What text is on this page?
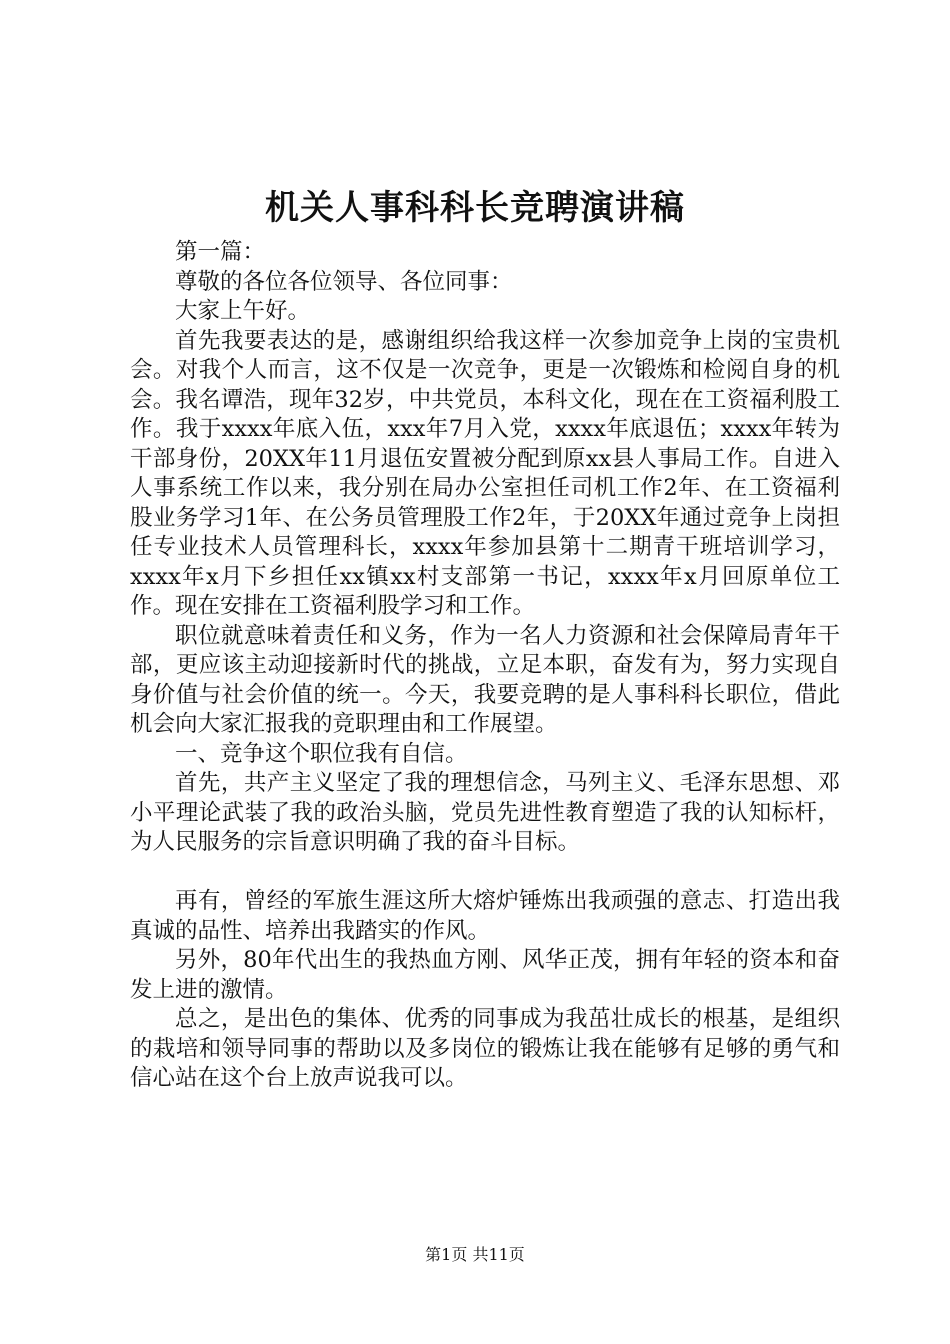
机关人事科科长竞聘演讲稿

第一篇：

尊敬的各位各位领导、各位同事：

大家上午好。

首先我要表达的是，感谢组织给我这样一次参加竞争上岗的宝贵机会。对我个人而言，这不仅是一次竞争，更是一次锻炼和检阅自身的机会。我名谭浩，现年32岁，中共党员，本科文化，现在在工资福利股工作。我于xxxx年底入伍，xxx年7月入党，xxxx年底退伍；xxxx年转为干部身份，20XX年11月退伍安置被分配到原xx县人事局工作。自进入人事系统工作以来，我分别在局办公室担任司机工作2年、在工资福利股业务学习1年、在公务员管理股工作2年，于20XX年通过竞争上岗担任专业技术人员管理科长，xxxx年参加县第十二期青干班培训学习，xxxx年x月下乡担任xx镇xx村支部第一书记，xxxx年x月回原单位工作。现在安排在工资福利股学习和工作。

职位就意味着责任和义务，作为一名人力资源和社会保障局青年干部，更应该主动迎接新时代的挑战，立足本职，奋发有为，努力实现自身价值与社会价值的统一。今天，我要竞聘的是人事科科长职位，借此机会向大家汇报我的竞职理由和工作展望。

一、竞争这个职位我有自信。

首先，共产主义坚定了我的理想信念，马列主义、毛泽东思想、邓小平理论武装了我的政治头脑，党员先进性教育塑造了我的认知标杆，为人民服务的宗旨意识明确了我的奋斗目标。

再有，曾经的军旅生涯这所大熔炉锤炼出我顽强的意志、打造出我真诚的品性、培养出我踏实的作风。

另外，80年代出生的我热血方刚、风华正茂，拥有年轻的资本和奋发上进的激情。

总之，是出色的集体、优秀的同事成为我茁壮成长的根基，是组织的栽培和领导同事的帮助以及多岗位的锻炼让我在能够有足够的勇气和信心站在这个台上放声说我可以。

第1页 共11页
